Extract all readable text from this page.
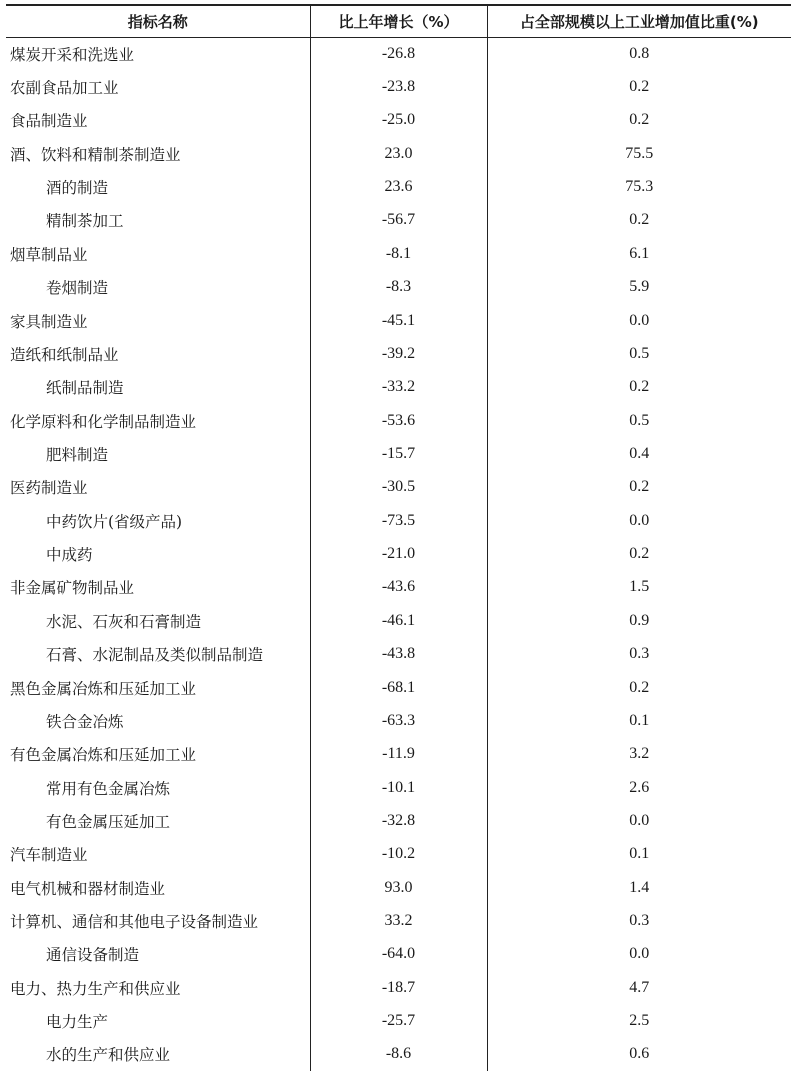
指标名称	比上年增长（%）	占全部规模以上工业增加值比重(%)
煤炭开采和洗选业	-26.8	0.8
农副食品加工业	-23.8	0.2
食品制造业	-25.0	0.2
酒、饮料和精制茶制造业	23.0	75.5
酒的制造	23.6	75.3
精制茶加工	-56.7	0.2
烟草制品业	-8.1	6.1
卷烟制造	-8.3	5.9
家具制造业	-45.1	0.0
造纸和纸制品业	-39.2	0.5
纸制品制造	-33.2	0.2
化学原料和化学制品制造业	-53.6	0.5
肥料制造	-15.7	0.4
医药制造业	-30.5	0.2
中药饮片(省级产品)	-73.5	0.0
中成药	-21.0	0.2
非金属矿物制品业	-43.6	1.5
水泥、石灰和石膏制造	-46.1	0.9
石膏、水泥制品及类似制品制造	-43.8	0.3
黑色金属冶炼和压延加工业	-68.1	0.2
铁合金冶炼	-63.3	0.1
有色金属冶炼和压延加工业	-11.9	3.2
常用有色金属冶炼	-10.1	2.6
有色金属压延加工	-32.8	0.0
汽车制造业	-10.2	0.1
电气机械和器材制造业	93.0	1.4
计算机、通信和其他电子设备制造业	33.2	0.3
通信设备制造	-64.0	0.0
电力、热力生产和供应业	-18.7	4.7
电力生产	-25.7	2.5
水的生产和供应业	-8.6	0.6
